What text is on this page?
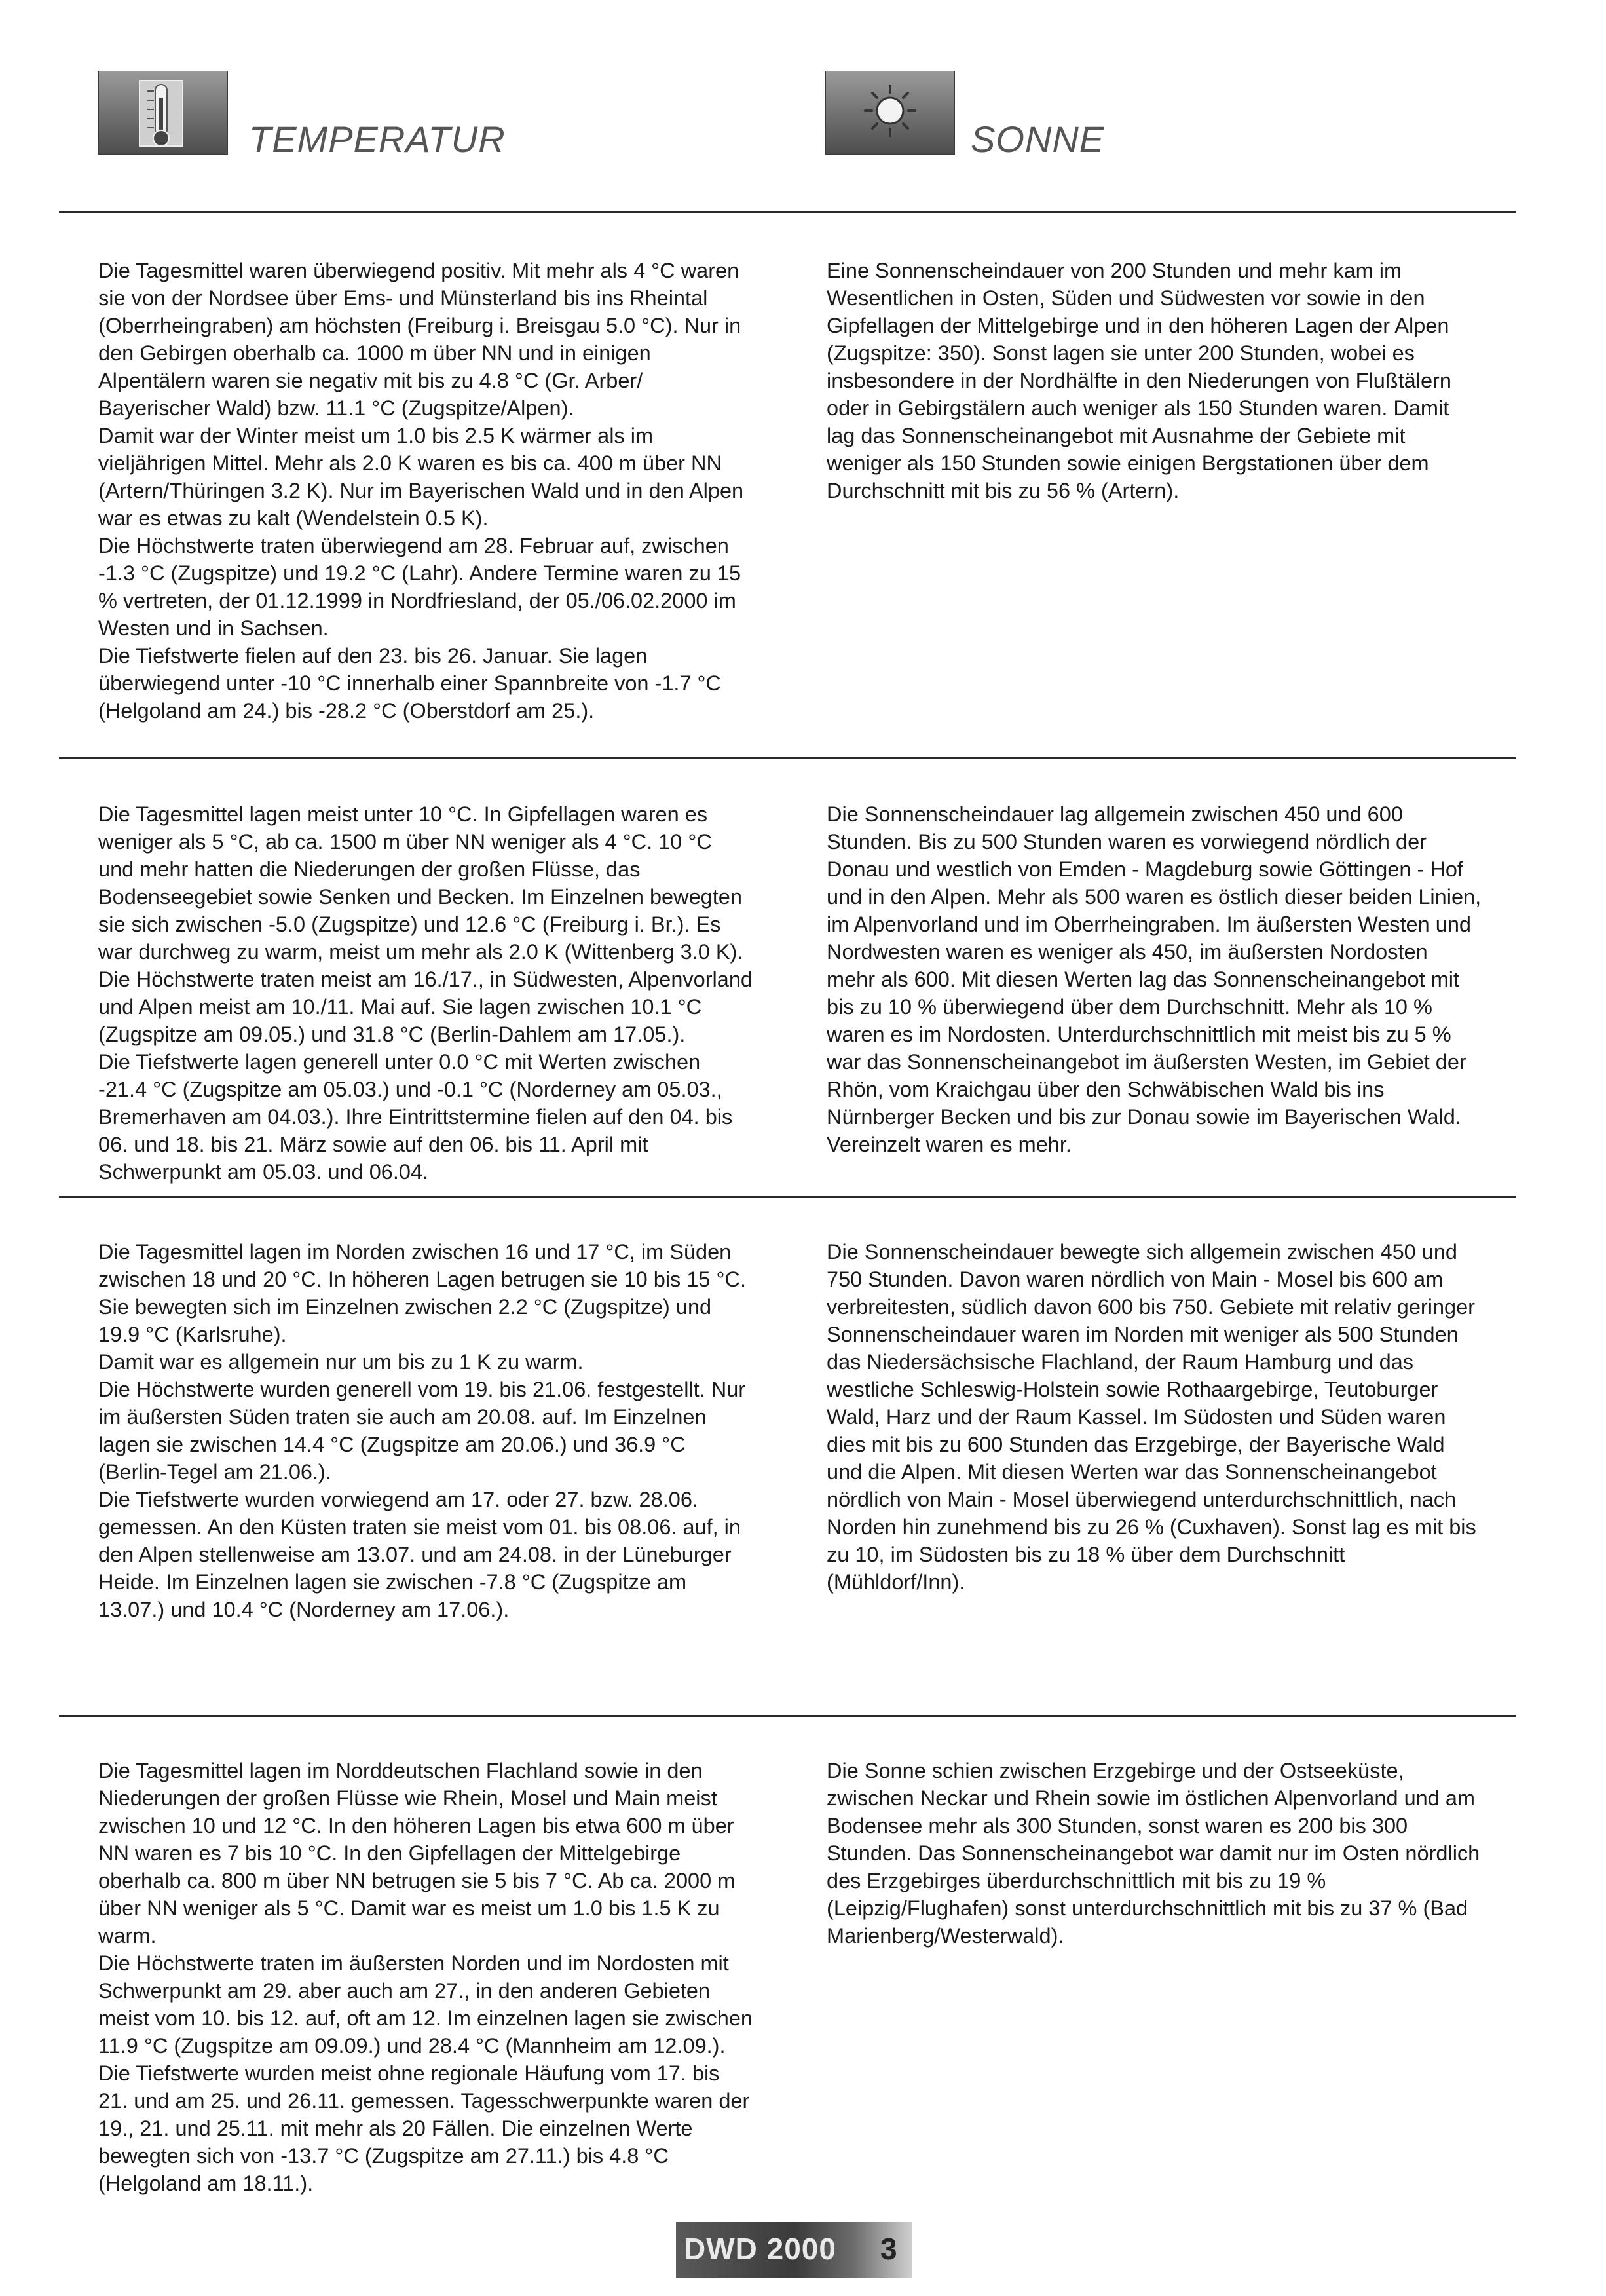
TEMPERATUR	SONNE

Die Tagesmittel waren überwiegend positiv. Mit mehr als 4 °C waren sie von der Nordsee über Ems- und Münsterland bis ins Rheintal (Oberrheingraben) am höchsten (Freiburg i. Breisgau 5.0 °C). Nur in den Gebirgen oberhalb ca. 1000 m über NN und in einigen Alpentälern waren sie negativ mit bis zu 4.8 °C (Gr. Arber/ Bayerischer Wald) bzw. 11.1 °C (Zugspitze/Alpen).

Damit war der Winter meist um 1.0 bis 2.5 K wärmer als im vieljährigen Mittel. Mehr als 2.0 K waren es bis ca. 400 m über NN (Artern/Thüringen 3.2 K). Nur im Bayerischen Wald und in den Alpen war es etwas zu kalt (Wendelstein 0.5 K).

Die Höchstwerte traten überwiegend am 28. Februar auf, zwischen -1.3 °C (Zugspitze) und 19.2 °C (Lahr). Andere Termine waren zu 15 % vertreten, der 01.12.1999 in Nordfriesland, der 05./06.02.2000 im Westen und in Sachsen.

Die Tiefstwerte fielen auf den 23. bis 26. Januar. Sie lagen überwiegend unter -10 °C innerhalb einer Spannbreite von -1.7 °C (Helgoland am 24.) bis -28.2 °C (Oberstdorf am 25.).

Eine Sonnenscheindauer von 200 Stunden und mehr kam im Wesentlichen in Osten, Süden und Südwesten vor sowie in den Gipfellagen der Mittelgebirge und in den höheren Lagen der Alpen (Zugspitze: 350). Sonst lagen sie unter 200 Stunden, wobei es insbesondere in der Nordhälfte in den Niederungen von Flußtälern oder in Gebirgstälern auch weniger als 150 Stunden waren. Damit lag das Sonnenscheinangebot mit Ausnahme der Gebiete mit weniger als 150 Stunden sowie einigen Bergstationen über dem Durchschnitt mit bis zu 56 % (Artern).

Die Tagesmittel lagen meist unter 10 °C. In Gipfellagen waren es weniger als 5 °C, ab ca. 1500 m über NN weniger als 4 °C. 10 °C und mehr hatten die Niederungen der großen Flüsse, das Bodenseegebiet sowie Senken und Becken. Im Einzelnen bewegten sie sich zwischen -5.0 (Zugspitze) und 12.6 °C (Freiburg i. Br.). Es war durchweg zu warm, meist um mehr als 2.0 K (Wittenberg 3.0 K).

Die Höchstwerte traten meist am 16./17., in Südwesten, Alpenvorland und Alpen meist am 10./11. Mai auf. Sie lagen zwischen 10.1 °C (Zugspitze am 09.05.) und 31.8 °C (Berlin-Dahlem am 17.05.).

Die Tiefstwerte lagen generell unter 0.0 °C mit Werten zwischen -21.4 °C (Zugspitze am 05.03.) und -0.1 °C (Norderney am 05.03., Bremerhaven am 04.03.). Ihre Eintrittstermine fielen auf den 04. bis 06. und 18. bis 21. März sowie auf den 06. bis 11. April mit Schwerpunkt am 05.03. und 06.04.

Die Sonnenscheindauer lag allgemein zwischen 450 und 600 Stunden. Bis zu 500 Stunden waren es vorwiegend nördlich der Donau und westlich von Emden - Magdeburg sowie Göttingen - Hof und in den Alpen. Mehr als 500 waren es östlich dieser beiden Linien, im Alpenvorland und im Oberrheingraben. Im äußersten Westen und Nordwesten waren es weniger als 450, im äußersten Nordosten mehr als 600. Mit diesen Werten lag das Sonnenscheinangebot mit bis zu 10 % überwiegend über dem Durchschnitt. Mehr als 10 % waren es im Nordosten. Unterdurchschnittlich mit meist bis zu 5 % war das Sonnenscheinangebot im äußersten Westen, im Gebiet der Rhön, vom Kraichgau über den Schwäbischen Wald bis ins Nürnberger Becken und bis zur Donau sowie im Bayerischen Wald. Vereinzelt waren es mehr.

Die Tagesmittel lagen im Norden zwischen 16 und 17 °C, im Süden zwischen 18 und 20 °C. In höheren Lagen betrugen sie 10 bis 15 °C. Sie bewegten sich im Einzelnen zwischen 2.2 °C (Zugspitze) und 19.9 °C (Karlsruhe).

Damit war es allgemein nur um bis zu 1 K zu warm.

Die Höchstwerte wurden generell vom 19. bis 21.06. festgestellt. Nur im äußersten Süden traten sie auch am 20.08. auf. Im Einzelnen lagen sie zwischen 14.4 °C (Zugspitze am 20.06.) und 36.9 °C (Berlin-Tegel am 21.06.).

Die Tiefstwerte wurden vorwiegend am 17. oder 27. bzw. 28.06. gemessen. An den Küsten traten sie meist vom 01. bis 08.06. auf, in den Alpen stellenweise am 13.07. und am 24.08. in der Lüneburger Heide. Im Einzelnen lagen sie zwischen -7.8 °C (Zugspitze am 13.07.) und 10.4 °C (Norderney am 17.06.).

Die Sonnenscheindauer bewegte sich allgemein zwischen 450 und 750 Stunden. Davon waren nördlich von Main - Mosel bis 600 am verbreitesten, südlich davon 600 bis 750. Gebiete mit relativ geringer Sonnenscheindauer waren im Norden mit weniger als 500 Stunden das Niedersächsische Flachland, der Raum Hamburg und das westliche Schleswig-Holstein sowie Rothaargebirge, Teutoburger Wald, Harz und der Raum Kassel. Im Südosten und Süden waren dies mit bis zu 600 Stunden das Erzgebirge, der Bayerische Wald und die Alpen. Mit diesen Werten war das Sonnenscheinangebot nördlich von Main - Mosel überwiegend unterdurchschnittlich, nach Norden hin zunehmend bis zu 26 % (Cuxhaven). Sonst lag es mit bis zu 10, im Südosten bis zu 18 % über dem Durchschnitt (Mühldorf/Inn).

Die Tagesmittel lagen im Norddeutschen Flachland sowie in den Niederungen der großen Flüsse wie Rhein, Mosel und Main meist zwischen 10 und 12 °C. In den höheren Lagen bis etwa 600 m über NN waren es 7 bis 10 °C. In den Gipfellagen der Mittelgebirge oberhalb ca. 800 m über NN betrugen sie 5 bis 7 °C. Ab ca. 2000 m über NN weniger als 5 °C. Damit war es meist um 1.0 bis 1.5 K zu warm.

Die Höchstwerte traten im äußersten Norden und im Nordosten mit Schwerpunkt am 29. aber auch am 27., in den anderen Gebieten meist vom 10. bis 12. auf, oft am 12. Im einzelnen lagen sie zwischen 11.9 °C (Zugspitze am 09.09.) und 28.4 °C (Mannheim am 12.09.).

Die Tiefstwerte wurden meist ohne regionale Häufung vom 17. bis 21. und am 25. und 26.11. gemessen. Tagesschwerpunkte waren der 19., 21. und 25.11. mit mehr als 20 Fällen. Die einzelnen Werte bewegten sich von -13.7 °C (Zugspitze am 27.11.) bis 4.8 °C (Helgoland am 18.11.).

Die Sonne schien zwischen Erzgebirge und der Ostseeküste, zwischen Neckar und Rhein sowie im östlichen Alpenvorland und am Bodensee mehr als 300 Stunden, sonst waren es 200 bis 300 Stunden. Das Sonnenscheinangebot war damit nur im Osten nördlich des Erzgebirges überdurchschnittlich mit bis zu 19 % (Leipzig/Flughafen) sonst unterdurchschnittlich mit bis zu 37 % (Bad Marienberg/Westerwald).

DWD 2000 3
